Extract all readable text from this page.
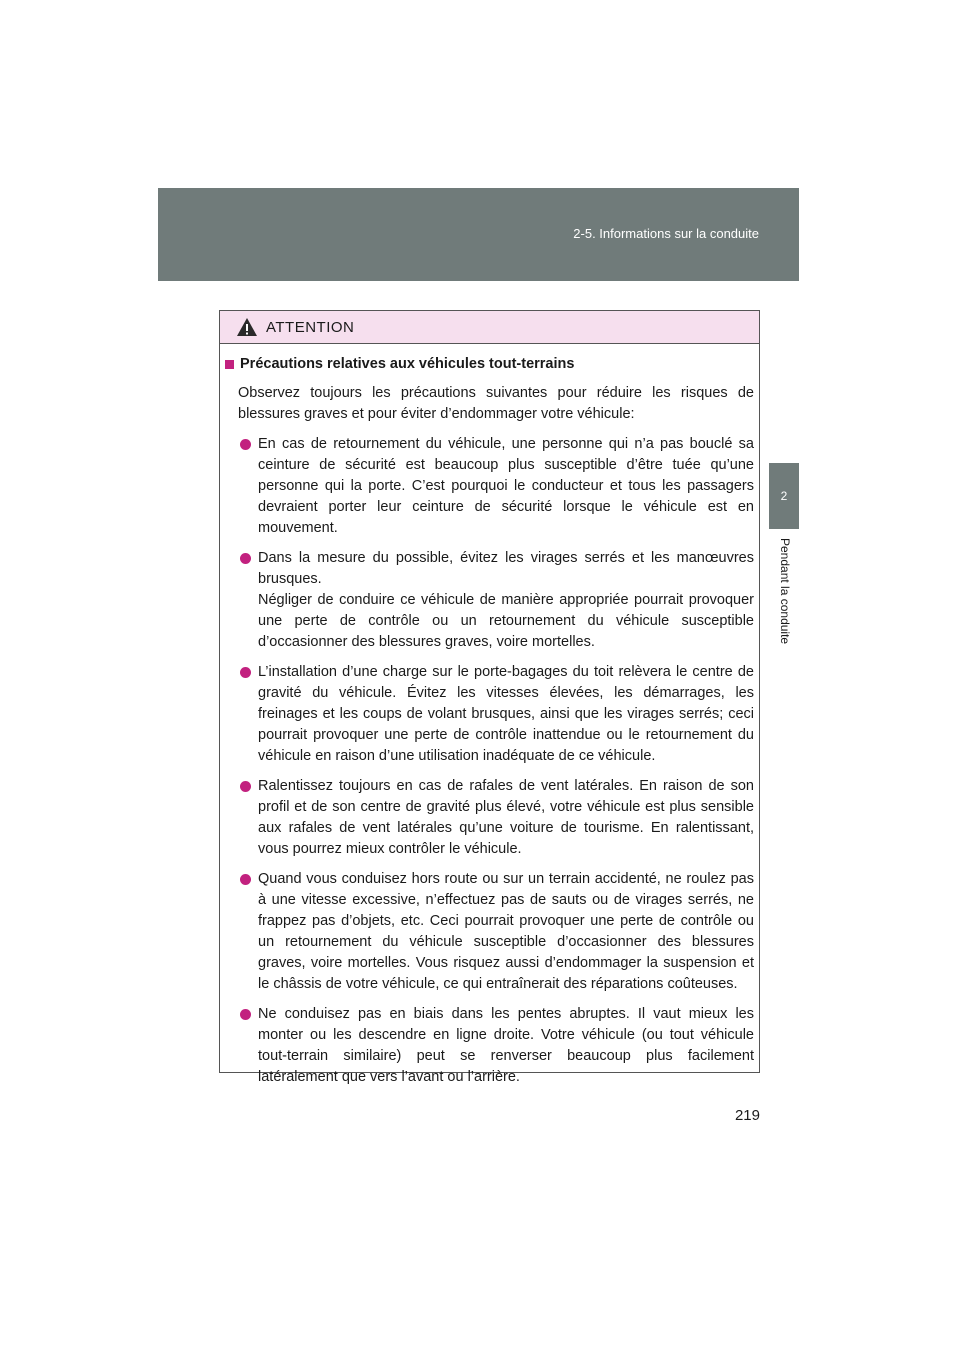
2-5. Informations sur la conduite
2
Pendant la conduite
ATTENTION
Précautions relatives aux véhicules tout-terrains
Observez toujours les précautions suivantes pour réduire les risques de blessures graves et pour éviter d’endommager votre véhicule:

En cas de retournement du véhicule, une personne qui n’a pas bouclé sa ceinture de sécurité est beaucoup plus susceptible d’être tuée qu’une personne qui la porte. C’est pourquoi le conducteur et tous les passagers devraient porter leur ceinture de sécurité lorsque le véhicule est en mouvement.

Dans la mesure du possible, évitez les virages serrés et les manœuvres brusques.

Négliger de conduire ce véhicule de manière appropriée pourrait provoquer une perte de contrôle ou un retournement du véhicule susceptible d’occasionner des blessures graves, voire mortelles.

L’installation d’une charge sur le porte-bagages du toit relèvera le centre de gravité du véhicule. Évitez les vitesses élevées, les démarrages, les freinages et les coups de volant brusques, ainsi que les virages serrés; ceci pourrait provoquer une perte de contrôle inattendue ou le retournement du véhicule en raison d’une utilisation inadéquate de ce véhicule.

Ralentissez toujours en cas de rafales de vent latérales. En raison de son profil et de son centre de gravité plus élevé, votre véhicule est plus sensible aux rafales de vent latérales qu’une voiture de tourisme. En ralentissant, vous pourrez mieux contrôler le véhicule.

Quand vous conduisez hors route ou sur un terrain accidenté, ne roulez pas à une vitesse excessive, n’effectuez pas de sauts ou de virages serrés, ne frappez pas d’objets, etc. Ceci pourrait provoquer une perte de contrôle ou un retournement du véhicule susceptible d’occasionner des blessures graves, voire mortelles. Vous risquez aussi d’endommager la suspension et le châssis de votre véhicule, ce qui entraînerait des réparations coûteuses.

Ne conduisez pas en biais dans les pentes abruptes. Il vaut mieux les monter ou les descendre en ligne droite. Votre véhicule (ou tout véhicule tout-terrain similaire) peut se renverser beaucoup plus facilement latéralement que vers l’avant ou l’arrière.

219
